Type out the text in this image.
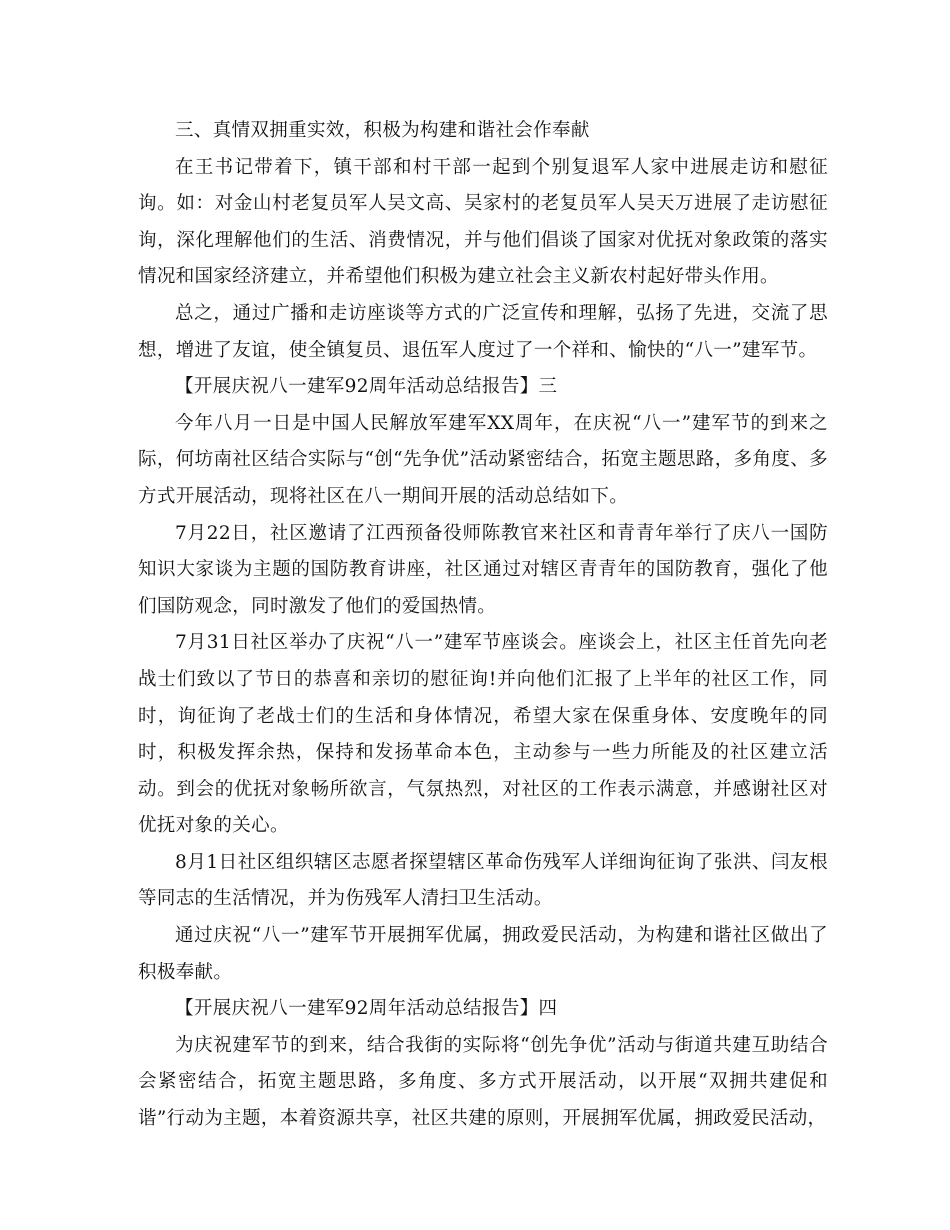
三、真情双拥重实效，积极为构建和谐社会作奉献

在王书记带着下，镇干部和村干部一起到个别复退军人家中进展走访和慰征询。如：对金山村老复员军人吴文高、吴家村的老复员军人吴天万进展了走访慰征询，深化理解他们的生活、消费情况，并与他们倡谈了国家对优抚对象政策的落实情况和国家经济建立，并希望他们积极为建立社会主义新农村起好带头作用。

总之，通过广播和走访座谈等方式的广泛宣传和理解，弘扬了先进，交流了思想，增进了友谊，使全镇复员、退伍军人度过了一个祥和、愉快的“八一”建军节。

【开展庆祝八一建军92周年活动总结报告】三

今年八月一日是中国人民解放军建军XX周年，在庆祝“八一”建军节的到来之际，何坊南社区结合实际与“创“先争优”活动紧密结合，拓宽主题思路，多角度、多方式开展活动，现将社区在八一期间开展的活动总结如下。

7月22日，社区邀请了江西预备役师陈教官来社区和青青年举行了庆八一国防知识大家谈为主题的国防教育讲座，社区通过对辖区青青年的国防教育，强化了他们国防观念，同时激发了他们的爱国热情。

7月31日社区举办了庆祝“八一”建军节座谈会。座谈会上，社区主任首先向老战士们致以了节日的恭喜和亲切的慰征询!并向他们汇报了上半年的社区工作，同时，询征询了老战士们的生活和身体情况，希望大家在保重身体、安度晚年的同时，积极发挥余热，保持和发扬革命本色，主动参与一些力所能及的社区建立活动。到会的优抚对象畅所欲言，气氛热烈，对社区的工作表示满意，并感谢社区对优抚对象的关心。

8月1日社区组织辖区志愿者探望辖区革命伤残军人详细询征询了张洪、闫友根等同志的生活情况，并为伤残军人清扫卫生活动。

通过庆祝“八一”建军节开展拥军优属，拥政爱民活动，为构建和谐社区做出了积极奉献。

【开展庆祝八一建军92周年活动总结报告】四

为庆祝建军节的到来，结合我街的实际将“创先争优”活动与街道共建互助结合会紧密结合，拓宽主题思路，多角度、多方式开展活动，以开展“双拥共建促和谐”行动为主题，本着资源共享，社区共建的原则，开展拥军优属，拥政爱民活动，
